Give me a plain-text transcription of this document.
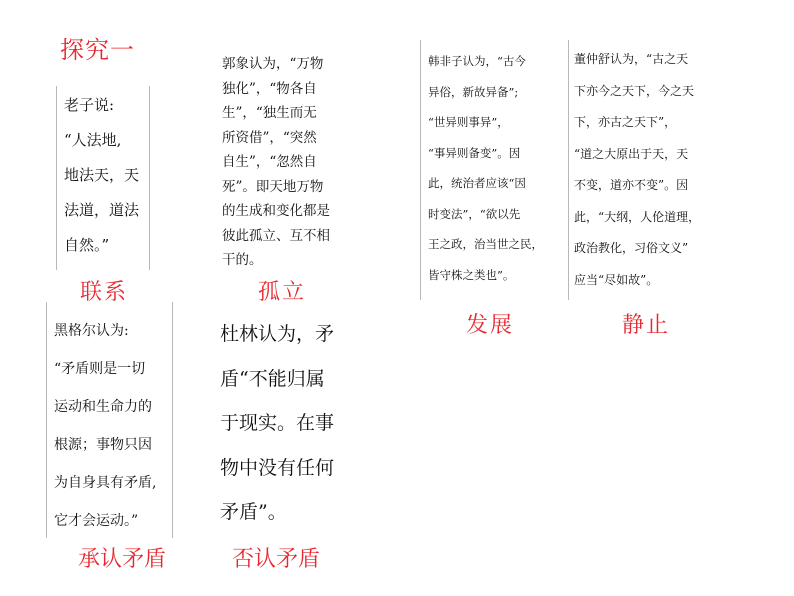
探究一
老子说:
“人法地,
地法天，天
法道，道法
自然。”
郭象认为，“万物
独化”，“物各自
生”，“独生而无
所资借”，“突然
自生”，“忽然自
死”。即天地万物
的生成和变化都是
彼此孤立、互不相
干的。
韩非子认为，“古今
异俗，新故异备”;
“世异则事异”，
“事异则备变”。因
此，统治者应该“因
时变法”，“欲以先
王之政，治当世之民，
皆守株之类也”。
董仲舒认为，“古之天
下亦今之天下，今之天
下，亦古之天下”，
“道之大原出于天，天
不变，道亦不变”。因
此，“大纲，人伦道理，
政治教化，习俗文义”
应当“尽如故”。
黑格尔认为:
“矛盾则是一切
运动和生命力的
根源；事物只因
为自身具有矛盾,
它才会运动。”
杜林认为，矛
盾“不能归属
于现实。在事
物中没有任何
矛盾”。
联系	孤立
发展	静止
承认矛盾	否认矛盾
